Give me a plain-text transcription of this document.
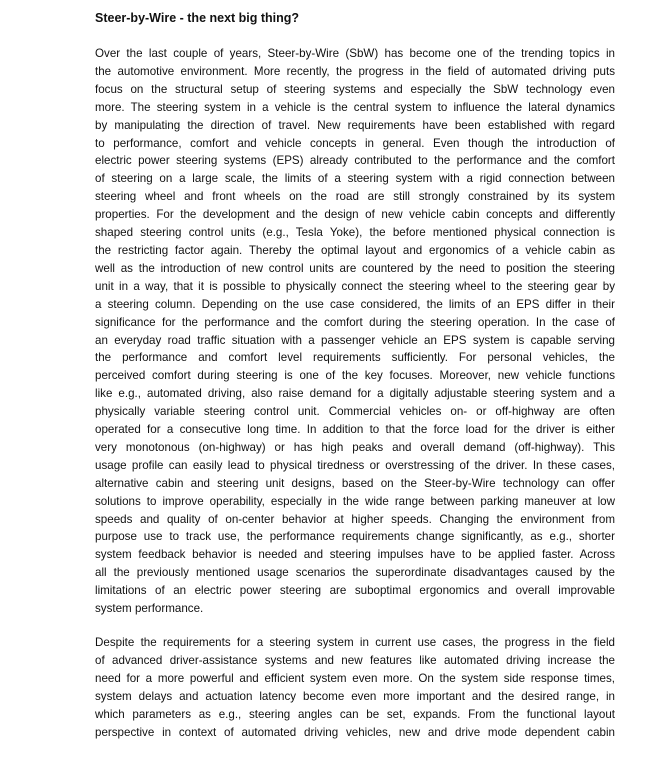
Steer-by-Wire - the next big thing?
Over the last couple of years, Steer-by-Wire (SbW) has become one of the trending topics in
the automotive environment. More recently, the progress in the field of automated driving puts
focus on the structural setup of steering systems and especially the SbW technology even
more. The steering system in a vehicle is the central system to influence the lateral dynamics
by manipulating the direction of travel. New requirements have been established with regard
to performance, comfort and vehicle concepts in general. Even though the introduction of
electric power steering systems (EPS) already contributed to the performance and the comfort
of steering on a large scale, the limits of a steering system with a rigid connection between
steering wheel and front wheels on the road are still strongly constrained by its system
properties. For the development and the design of new vehicle cabin concepts and differently
shaped steering control units (e.g., Tesla Yoke), the before mentioned physical connection is
the restricting factor again. Thereby the optimal layout and ergonomics of a vehicle cabin as
well as the introduction of new control units are countered by the need to position the steering
unit in a way, that it is possible to physically connect the steering wheel to the steering gear by
a steering column. Depending on the use case considered, the limits of an EPS differ in their
significance for the performance and the comfort during the steering operation. In the case of
an everyday road traffic situation with a passenger vehicle an EPS system is capable serving
the performance and comfort level requirements sufficiently. For personal vehicles, the
perceived comfort during steering is one of the key focuses. Moreover, new vehicle functions
like e.g., automated driving, also raise demand for a digitally adjustable steering system and a
physically variable steering control unit. Commercial vehicles on- or off-highway are often
operated for a consecutive long time. In addition to that the force load for the driver is either
very monotonous (on-highway) or has high peaks and overall demand (off-highway). This
usage profile can easily lead to physical tiredness or overstressing of the driver. In these cases,
alternative cabin and steering unit designs, based on the Steer-by-Wire technology can offer
solutions to improve operability, especially in the wide range between parking maneuver at low
speeds and quality of on-center behavior at higher speeds. Changing the environment from
purpose use to track use, the performance requirements change significantly, as e.g., shorter
system feedback behavior is needed and steering impulses have to be applied faster. Across
all the previously mentioned usage scenarios the superordinate disadvantages caused by the
limitations of an electric power steering are suboptimal ergonomics and overall improvable
system performance.
Despite the requirements for a steering system in current use cases, the progress in the field
of advanced driver-assistance systems and new features like automated driving increase the
need for a more powerful and efficient system even more. On the system side response times,
system delays and actuation latency become even more important and the desired range, in
which parameters as e.g., steering angles can be set, expands. From the functional layout
perspective in context of automated driving vehicles, new and drive mode dependent cabin
